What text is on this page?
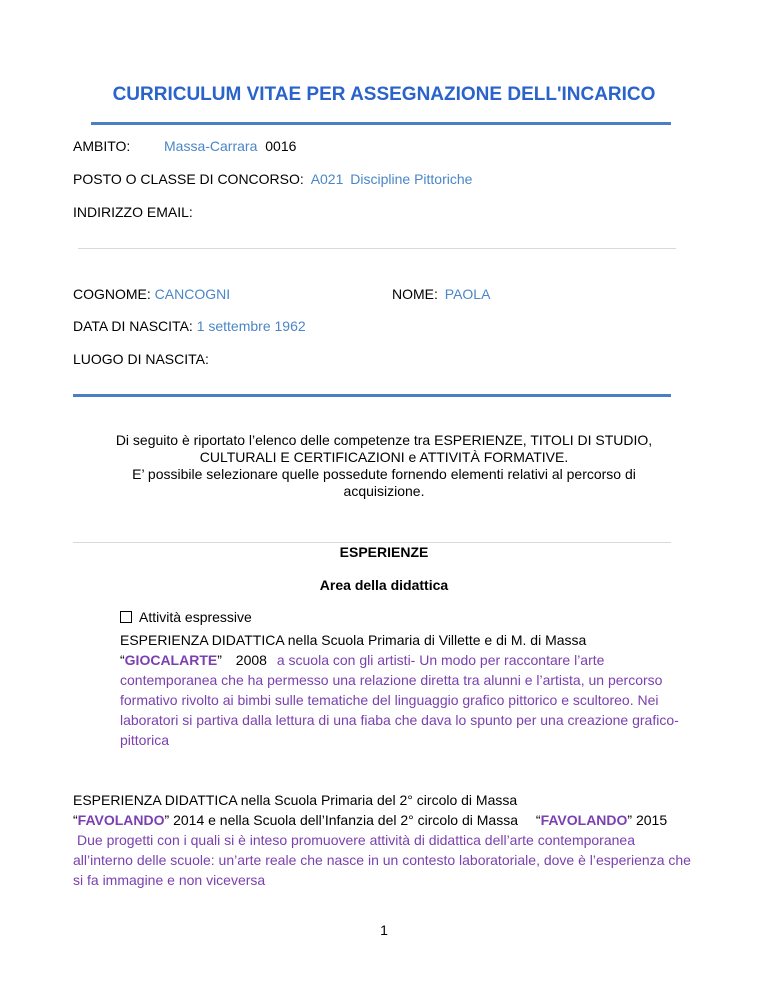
CURRICULUM VITAE PER ASSEGNAZIONE DELL'INCARICO
AMBITO: Massa-Carrara 0016
POSTO O CLASSE DI CONCORSO: A021 Discipline Pittoriche
INDIRIZZO EMAIL:
COGNOME: CANCOGNI	NOME: PAOLA
DATA DI NASCITA: 1 settembre 1962
LUOGO DI NASCITA:
Di seguito è riportato l’elenco delle competenze tra ESPERIENZE, TITOLI DI STUDIO,
CULTURALI E CERTIFICAZIONI e ATTIVITÀ FORMATIVE.
E’ possibile selezionare quelle possedute fornendo elementi relativi al percorso di
acquisizione.
ESPERIENZE
Area della didattica
Attività espressive
ESPERIENZA DIDATTICA nella Scuola Primaria di Villette e di M. di Massa
“GIOCALARTE” 2008 a scuola con gli artisti- Un modo per raccontare l’arte contemporanea che ha permesso una relazione diretta tra alunni e l’artista, un percorso formativo rivolto ai bimbi sulle tematiche del linguaggio grafico pittorico e scultoreo. Nei laboratori si partiva dalla lettura di una fiaba che dava lo spunto per una creazione grafico-pittorica
ESPERIENZA DIDATTICA nella Scuola Primaria del 2° circolo di Massa
“FAVOLANDO” 2014 e nella Scuola dell’Infanzia del 2° circolo di Massa “FAVOLANDO” 2015 Due progetti con i quali si è inteso promuovere attività di didattica dell’arte contemporanea all’interno delle scuole: un’arte reale che nasce in un contesto laboratoriale, dove è l’esperienza che si fa immagine e non viceversa
1
